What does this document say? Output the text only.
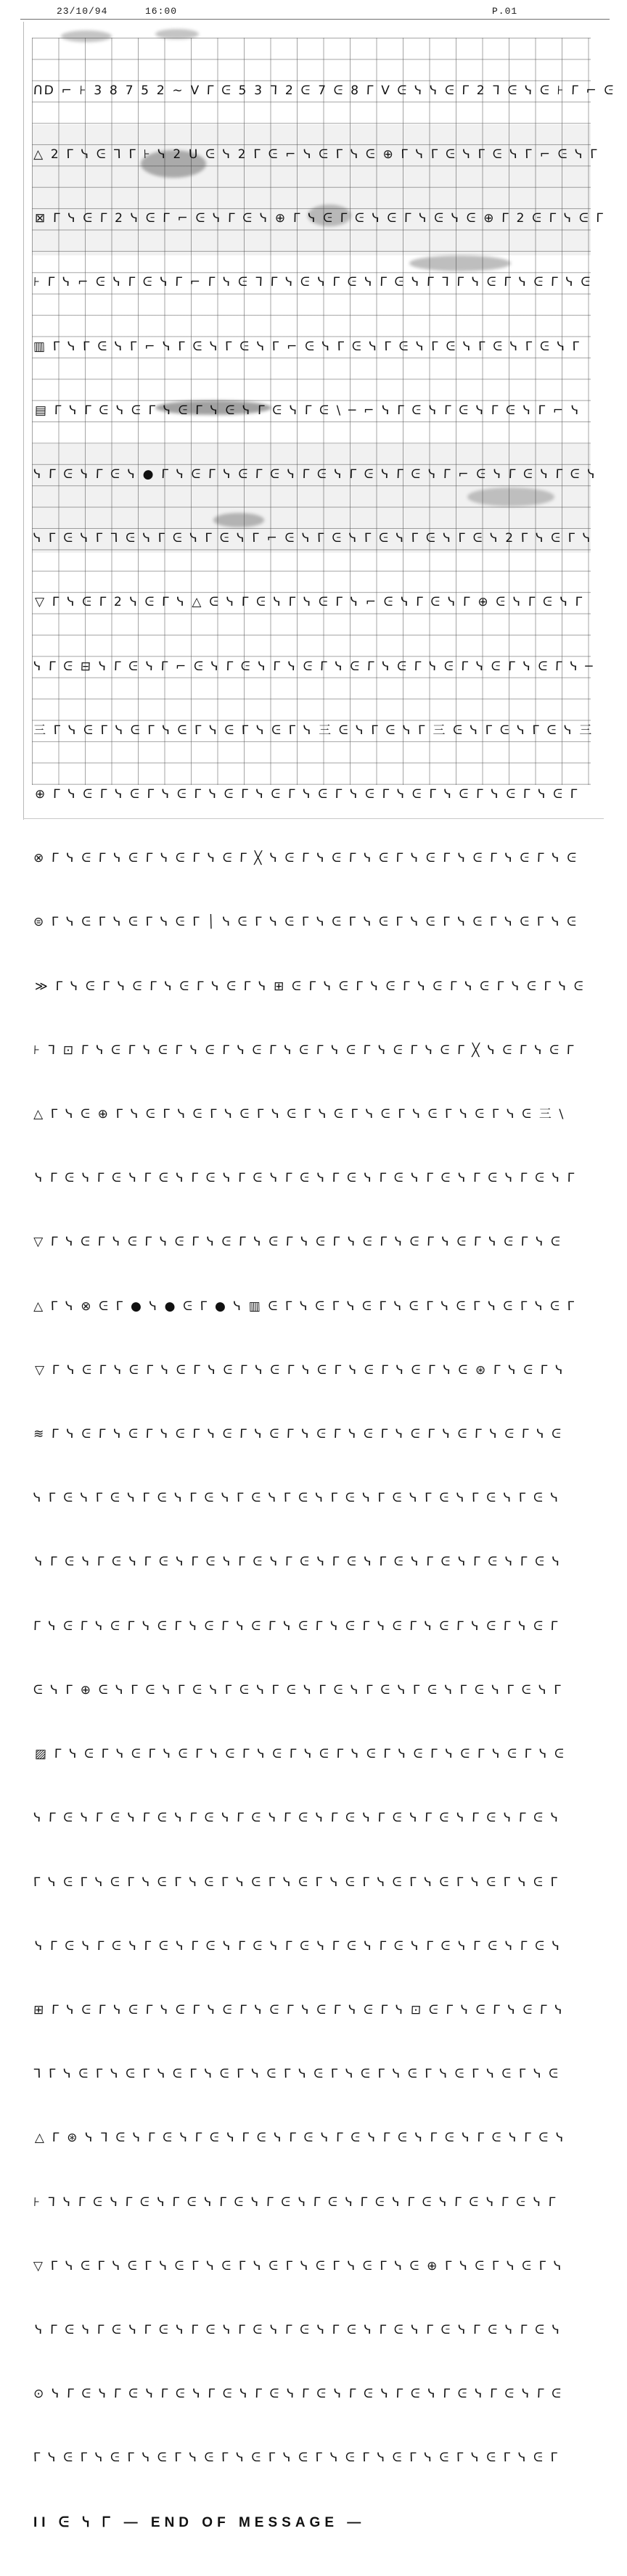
23/10/94	16:00	P.01

ᑎD ⌐ ⊦ 3 8 7 5 2 ~ V ᒥ ᕮ 5 3 ᒣ 2 ᕮ 7 ᕮ 8 ᒥ V ᕮ ᓭ ᓭ ᕮ ᒥ 2 ᒣ ᕮ ᓭ ᕮ ⊦ ᒥ ⌐ ᕮ

△ 2 ᒥ ᓭ ᕮ ᒣ ᒥ ⊦ ᓭ 2 ᑌ ᕮ ᓭ 2 ᒥ ᕮ ⌐ ᓭ ᕮ ᒥ ᓭ ᕮ ⊕ ᒥ ᓭ ᒥ ᕮ ᓭ ᒥ ᕮ ᓭ ᒥ ⌐ ᕮ ᓭ ᒥ

⊠ ᒥ ᓭ ᕮ ᒥ 2 ᓭ ᕮ ᒥ ⌐ ᕮ ᓭ ᒥ ᕮ ᓭ ⊕ ᒥ ᓭ ᕮ ᒥ ᕮ ᓭ ᕮ ᒥ ᓭ ᕮ ᓭ ᕮ ⊕ ᒥ 2 ᕮ ᒥ ᓭ ᕮ ᒥ

⊦ ᒥ ᓭ ⌐ ᕮ ᓭ ᒥ ᕮ ᓭ ᒥ ⌐ ᒥ ᓭ ᕮ ᒣ ᒥ ᓭ ᕮ ᓭ ᒥ ᕮ ᓭ ᒥ ᕮ ᓭ ᒥ ᒣ ᒥ ᓭ ᕮ ᒥ ᓭ ᕮ ᒥ ᓭ ᕮ

▥ ᒥ ᓭ ᒥ ᕮ ᓭ ᒥ ⌐ ᓭ ᒥ ᕮ ᓭ ᒥ ᕮ ᓭ ᒥ ⌐ ᕮ ᓭ ᒥ ᕮ ᓭ ᒥ ᕮ ᓭ ᒥ ᕮ ᓭ ᒥ ᕮ ᓭ ᒥ ᕮ ᓭ ᒥ

▤ ᒥ ᓭ ᒥ ᕮ ᓭ ᕮ ᒥ ᓭ ᕮ ᒥ ᓭ ᕮ ᓭ ᒥ ᕮ ᓭ ᒥ ᕮ \ ─ ⌐ ᓭ ᒥ ᕮ ᓭ ᒥ ᕮ ᓭ ᒥ ᕮ ᓭ ᒥ ⌐ ᓭ

ᓭ ᒥ ᕮ ᓭ ᒥ ᕮ ᓭ ● ᒥ ᓭ ᕮ ᒥ ᓭ ᕮ ᒥ ᕮ ᓭ ᒥ ᕮ ᓭ ᒥ ᕮ ᓭ ᒥ ᕮ ᓭ ᒥ ⌐ ᕮ ᓭ ᒥ ᕮ ᓭ ᒥ ᕮ ᓭ

ᓭ ᒥ ᕮ ᓭ ᒥ ᒣ ᕮ ᓭ ᒥ ᕮ ᓭ ᒥ ᕮ ᓭ ᒥ ⌐ ᕮ ᓭ ᒥ ᕮ ᓭ ᒥ ᕮ ᓭ ᒥ ᕮ ᓭ ᒥ ᕮ ᓭ 2 ᒥ ᓭ ᕮ ᒥ ᓭ

▽ ᒥ ᓭ ᕮ ᒥ 2 ᓭ ᕮ ᒥ ᓭ △ ᕮ ᓭ ᒥ ᕮ ᓭ ᒥ ᓭ ᕮ ᒥ ᓭ ⌐ ᕮ ᓭ ᒥ ᕮ ᓭ ᒥ ⊕ ᕮ ᓭ ᒥ ᕮ ᓭ ᒥ

ᓭ ᒥ ᕮ ⊟ ᓭ ᒥ ᕮ ᓭ ᒥ ⌐ ᕮ ᓭ ᒥ ᕮ ᓭ ᒥ ᓭ ᕮ ᒥ ᓭ ᕮ ᒥ ᓭ ᕮ ᒥ ᓭ ᕮ ᒥ ᓭ ᕮ ᒥ ᓭ ᕮ ᒥ ᓭ ─

三 ᒥ ᓭ ᕮ ᒥ ᓭ ᕮ ᒥ ᓭ ᕮ ᒥ ᓭ ᕮ ᒥ ᓭ ᕮ ᒥ ᓭ 三 ᕮ ᓭ ᒥ ᕮ ᓭ ᒥ 三 ᕮ ᓭ ᒥ ᕮ ᓭ ᒥ ᕮ ᓭ 三

⊕ ᒥ ᓭ ᕮ ᒥ ᓭ ᕮ ᒥ ᓭ ᕮ ᒥ ᓭ ᕮ ᒥ ᓭ ᕮ ᒥ ᓭ ᕮ ᒥ ᓭ ᕮ ᒥ ᓭ ᕮ ᒥ ᓭ ᕮ ᒥ ᓭ ᕮ ᒥ ᓭ ᕮ ᒥ

⊗ ᒥ ᓭ ᕮ ᒥ ᓭ ᕮ ᒥ ᓭ ᕮ ᒥ ᓭ ᕮ ᒥ ╳ ᓭ ᕮ ᒥ ᓭ ᕮ ᒥ ᓭ ᕮ ᒥ ᓭ ᕮ ᒥ ᓭ ᕮ ᒥ ᓭ ᕮ ᒥ ᓭ ᕮ

⊜ ᒥ ᓭ ᕮ ᒥ ᓭ ᕮ ᒥ ᓭ ᕮ ᒥ │ ᓭ ᕮ ᒥ ᓭ ᕮ ᒥ ᓭ ᕮ ᒥ ᓭ ᕮ ᒥ ᓭ ᕮ ᒥ ᓭ ᕮ ᒥ ᓭ ᕮ ᒥ ᓭ ᕮ

≫ ᒥ ᓭ ᕮ ᒥ ᓭ ᕮ ᒥ ᓭ ᕮ ᒥ ᓭ ᕮ ᒥ ᓭ ⊞ ᕮ ᒥ ᓭ ᕮ ᒥ ᓭ ᕮ ᒥ ᓭ ᕮ ᒥ ᓭ ᕮ ᒥ ᓭ ᕮ ᒥ ᓭ ᕮ

⊦ ᒣ ⊡ ᒥ ᓭ ᕮ ᒥ ᓭ ᕮ ᒥ ᓭ ᕮ ᒥ ᓭ ᕮ ᒥ ᓭ ᕮ ᒥ ᓭ ᕮ ᒥ ᓭ ᕮ ᒥ ᓭ ᕮ ᒥ ╳ ᓭ ᕮ ᒥ ᓭ ᕮ ᒥ

△ ᒥ ᓭ ᕮ ⊕ ᒥ ᓭ ᕮ ᒥ ᓭ ᕮ ᒥ ᓭ ᕮ ᒥ ᓭ ᕮ ᒥ ᓭ ᕮ ᒥ ᓭ ᕮ ᒥ ᓭ ᕮ ᒥ ᓭ ᕮ ᒥ ᓭ ᕮ 三 \

ᓭ ᒥ ᕮ ᓭ ᒥ ᕮ ᓭ ᒥ ᕮ ᓭ ᒥ ᕮ ᓭ ᒥ ᕮ ᓭ ᒥ ᕮ ᓭ ᒥ ᕮ ᓭ ᒥ ᕮ ᓭ ᒥ ᕮ ᓭ ᒥ ᕮ ᓭ ᒥ ᕮ ᓭ ᒥ

▽ ᒥ ᓭ ᕮ ᒥ ᓭ ᕮ ᒥ ᓭ ᕮ ᒥ ᓭ ᕮ ᒥ ᓭ ᕮ ᒥ ᓭ ᕮ ᒥ ᓭ ᕮ ᒥ ᓭ ᕮ ᒥ ᓭ ᕮ ᒥ ᓭ ᕮ ᒥ ᓭ ᕮ

△ ᒥ ᓭ ⊗ ᕮ ᒥ ● ᓭ ● ᕮ ᒥ ● ᓭ ▥ ᕮ ᒥ ᓭ ᕮ ᒥ ᓭ ᕮ ᒥ ᓭ ᕮ ᒥ ᓭ ᕮ ᒥ ᓭ ᕮ ᒥ ᓭ ᕮ ᒥ

▽ ᒥ ᓭ ᕮ ᒥ ᓭ ᕮ ᒥ ᓭ ᕮ ᒥ ᓭ ᕮ ᒥ ᓭ ᕮ ᒥ ᓭ ᕮ ᒥ ᓭ ᕮ ᒥ ᓭ ᕮ ᒥ ᓭ ᕮ ⊛ ᒥ ᓭ ᕮ ᒥ ᓭ

≋ ᒥ ᓭ ᕮ ᒥ ᓭ ᕮ ᒥ ᓭ ᕮ ᒥ ᓭ ᕮ ᒥ ᓭ ᕮ ᒥ ᓭ ᕮ ᒥ ᓭ ᕮ ᒥ ᓭ ᕮ ᒥ ᓭ ᕮ ᒥ ᓭ ᕮ ᒥ ᓭ ᕮ

ᓭ ᒥ ᕮ ᓭ ᒥ ᕮ ᓭ ᒥ ᕮ ᓭ ᒥ ᕮ ᓭ ᒥ ᕮ ᓭ ᒥ ᕮ ᓭ ᒥ ᕮ ᓭ ᒥ ᕮ ᓭ ᒥ ᕮ ᓭ ᒥ ᕮ ᓭ ᒥ ᕮ ᓭ

ᓭ ᒥ ᕮ ᓭ ᒥ ᕮ ᓭ ᒥ ᕮ ᓭ ᒥ ᕮ ᓭ ᒥ ᕮ ᓭ ᒥ ᕮ ᓭ ᒥ ᕮ ᓭ ᒥ ᕮ ᓭ ᒥ ᕮ ᓭ ᒥ ᕮ ᓭ ᒥ ᕮ ᓭ

ᒥ ᓭ ᕮ ᒥ ᓭ ᕮ ᒥ ᓭ ᕮ ᒥ ᓭ ᕮ ᒥ ᓭ ᕮ ᒥ ᓭ ᕮ ᒥ ᓭ ᕮ ᒥ ᓭ ᕮ ᒥ ᓭ ᕮ ᒥ ᓭ ᕮ ᒥ ᓭ ᕮ ᒥ

ᕮ ᓭ ᒥ ⊕ ᕮ ᓭ ᒥ ᕮ ᓭ ᒥ ᕮ ᓭ ᒥ ᕮ ᓭ ᒥ ᕮ ᓭ ᒥ ᕮ ᓭ ᒥ ᕮ ᓭ ᒥ ᕮ ᓭ ᒥ ᕮ ᓭ ᒥ ᕮ ᓭ ᒥ

▨ ᒥ ᓭ ᕮ ᒥ ᓭ ᕮ ᒥ ᓭ ᕮ ᒥ ᓭ ᕮ ᒥ ᓭ ᕮ ᒥ ᓭ ᕮ ᒥ ᓭ ᕮ ᒥ ᓭ ᕮ ᒥ ᓭ ᕮ ᒥ ᓭ ᕮ ᒥ ᓭ ᕮ

ᓭ ᒥ ᕮ ᓭ ᒥ ᕮ ᓭ ᒥ ᕮ ᓭ ᒥ ᕮ ᓭ ᒥ ᕮ ᓭ ᒥ ᕮ ᓭ ᒥ ᕮ ᓭ ᒥ ᕮ ᓭ ᒥ ᕮ ᓭ ᒥ ᕮ ᓭ ᒥ ᕮ ᓭ

ᒥ ᓭ ᕮ ᒥ ᓭ ᕮ ᒥ ᓭ ᕮ ᒥ ᓭ ᕮ ᒥ ᓭ ᕮ ᒥ ᓭ ᕮ ᒥ ᓭ ᕮ ᒥ ᓭ ᕮ ᒥ ᓭ ᕮ ᒥ ᓭ ᕮ ᒥ ᓭ ᕮ ᒥ

ᓭ ᒥ ᕮ ᓭ ᒥ ᕮ ᓭ ᒥ ᕮ ᓭ ᒥ ᕮ ᓭ ᒥ ᕮ ᓭ ᒥ ᕮ ᓭ ᒥ ᕮ ᓭ ᒥ ᕮ ᓭ ᒥ ᕮ ᓭ ᒥ ᕮ ᓭ ᒥ ᕮ ᓭ

⊞ ᒥ ᓭ ᕮ ᒥ ᓭ ᕮ ᒥ ᓭ ᕮ ᒥ ᓭ ᕮ ᒥ ᓭ ᕮ ᒥ ᓭ ᕮ ᒥ ᓭ ᕮ ᒥ ᓭ ⊡ ᕮ ᒥ ᓭ ᕮ ᒥ ᓭ ᕮ ᒥ ᓭ

ᒣ ᒥ ᓭ ᕮ ᒥ ᓭ ᕮ ᒥ ᓭ ᕮ ᒥ ᓭ ᕮ ᒥ ᓭ ᕮ ᒥ ᓭ ᕮ ᒥ ᓭ ᕮ ᒥ ᓭ ᕮ ᒥ ᓭ ᕮ ᒥ ᓭ ᕮ ᒥ ᓭ ᕮ

△ ᒥ ⊛ ᓭ ᒣ ᕮ ᓭ ᒥ ᕮ ᓭ ᒥ ᕮ ᓭ ᒥ ᕮ ᓭ ᒥ ᕮ ᓭ ᒥ ᕮ ᓭ ᒥ ᕮ ᓭ ᒥ ᕮ ᓭ ᒥ ᕮ ᓭ ᒥ ᕮ ᓭ

⊦ ᒣ ᓭ ᒥ ᕮ ᓭ ᒥ ᕮ ᓭ ᒥ ᕮ ᓭ ᒥ ᕮ ᓭ ᒥ ᕮ ᓭ ᒥ ᕮ ᓭ ᒥ ᕮ ᓭ ᒥ ᕮ ᓭ ᒥ ᕮ ᓭ ᒥ ᕮ ᓭ ᒥ

▽ ᒥ ᓭ ᕮ ᒥ ᓭ ᕮ ᒥ ᓭ ᕮ ᒥ ᓭ ᕮ ᒥ ᓭ ᕮ ᒥ ᓭ ᕮ ᒥ ᓭ ᕮ ᒥ ᓭ ᕮ ⊕ ᒥ ᓭ ᕮ ᒥ ᓭ ᕮ ᒥ ᓭ

ᓭ ᒥ ᕮ ᓭ ᒥ ᕮ ᓭ ᒥ ᕮ ᓭ ᒥ ᕮ ᓭ ᒥ ᕮ ᓭ ᒥ ᕮ ᓭ ᒥ ᕮ ᓭ ᒥ ᕮ ᓭ ᒥ ᕮ ᓭ ᒥ ᕮ ᓭ ᒥ ᕮ ᓭ

⊙ ᓭ ᒥ ᕮ ᓭ ᒥ ᕮ ᓭ ᒥ ᕮ ᓭ ᒥ ᕮ ᓭ ᒥ ᕮ ᓭ ᒥ ᕮ ᓭ ᒥ ᕮ ᓭ ᒥ ᕮ ᓭ ᒥ ᕮ ᓭ ᒥ ᕮ ᓭ ᒥ ᕮ

ᒥ ᓭ ᕮ ᒥ ᓭ ᕮ ᒥ ᓭ ᕮ ᒥ ᓭ ᕮ ᒥ ᓭ ᕮ ᒥ ᓭ ᕮ ᒥ ᓭ ᕮ ᒥ ᓭ ᕮ ᒥ ᓭ ᕮ ᒥ ᓭ ᕮ ᒥ ᓭ ᕮ ᒥ

II ᕮ ᓭ ᒥ — END OF MESSAGE —
